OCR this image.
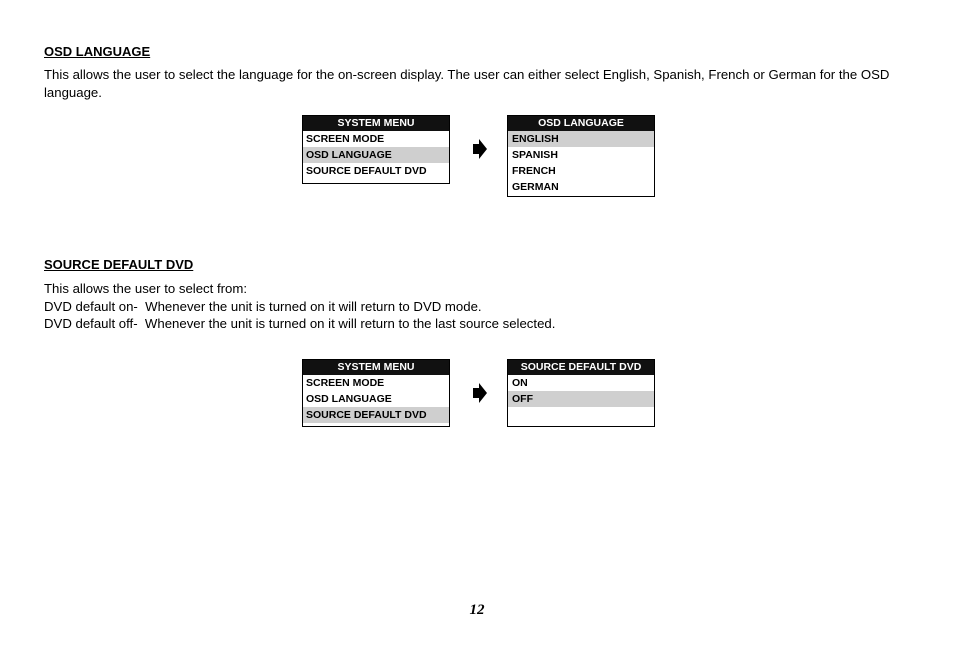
OSD LANGUAGE

This allows the user to select the language for the on-screen display. The user can either select English, Spanish, French or German for the OSD language.

SYSTEM MENU
SCREEN MODE
OSD LANGUAGE
SOURCE DEFAULT DVD
OSD LANGUAGE
ENGLISH
SPANISH
FRENCH
GERMAN
SOURCE DEFAULT DVD

This allows the user to select from:

DVD default on-  Whenever the unit is turned on it will return to DVD mode.

DVD default off-  Whenever the unit is turned on it will return to the last source selected.

SYSTEM MENU
SCREEN MODE
OSD LANGUAGE
SOURCE DEFAULT DVD
SOURCE DEFAULT DVD
ON
OFF
12
